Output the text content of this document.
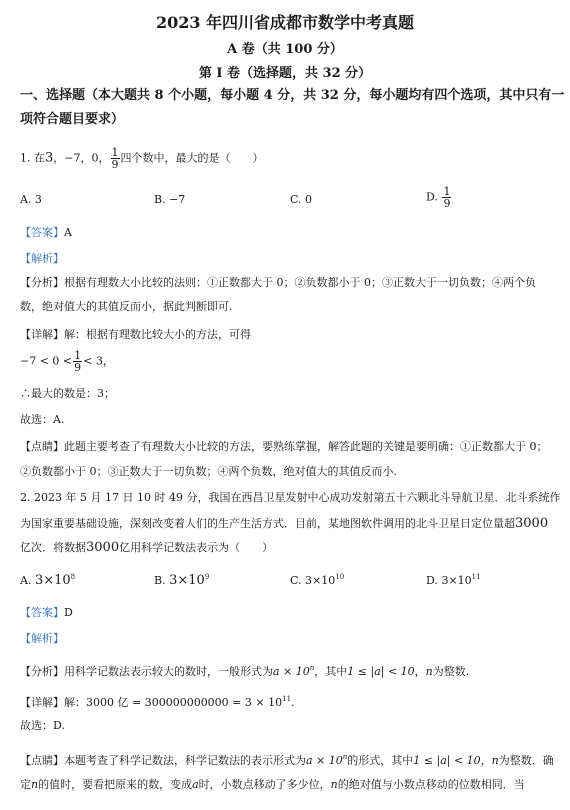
2023 年四川省成都市数学中考真题
A 卷（共 100 分）
第 I 卷（选择题，共 32 分）
一、选择题（本大题共 8 个小题，每小题 4 分，共 32 分，每小题均有四个选项，其中只有一
项符合题目要求）
1. 在3，−7，0， $\frac{1}{9}$ 四个数中，最大的是（　　）
A. 3	B. −7	C. 0	D. $\frac{1}{9}$
【答案】A
【解析】
【分析】根据有理数大小比较的法则：①正数都大于 0；②负数都小于 0；③正数大于一切负数；④两个负
数，绝对值大的其值反而小，据此判断即可.
【详解】解：根据有理数比较大小的方法，可得
$-7 < 0 < \frac{1}{9} < 3$，
∴最大的数是：3；
故选：A.
【点睛】此题主要考查了有理数大小比较的方法，要熟练掌握，解答此题的关键是要明确：①正数都大于 0；
②负数都小于 0；③正数大于一切负数；④两个负数，绝对值大的其值反而小.
2. 2023 年 5 月 17 日 10 时 49 分，我国在西昌卫星发射中心成功发射第五十六颗北斗导航卫星．北斗系统作
为国家重要基础设施，深刻改变着人们的生产生活方式．目前，某地图软件调用的北斗卫星日定位量超3000
亿次．将数据3000亿用科学记数法表示为（　　）
A. $3\times 10^8$	B. $3\times 10^9$	C. $3\times 10^{10}$	D. $3\times 10^{11}$
【答案】D
【解析】
【分析】用科学记数法表示较大的数时，一般形式为$a \times 10^n$，其中1 ≤ |a| < 10，n为整数.
【详解】解：3000 亿 = $300000000000 = 3 \times 10^{11}$.
故选：D.
【点睛】本题考查了科学记数法，科学记数法的表示形式为$a \times 10^n$的形式，其中1 ≤ |a| < 10，n为整数．确
定n的值时，要看把原来的数，变成a时，小数点移动了多少位，n的绝对值与小数点移动的位数相同．当
